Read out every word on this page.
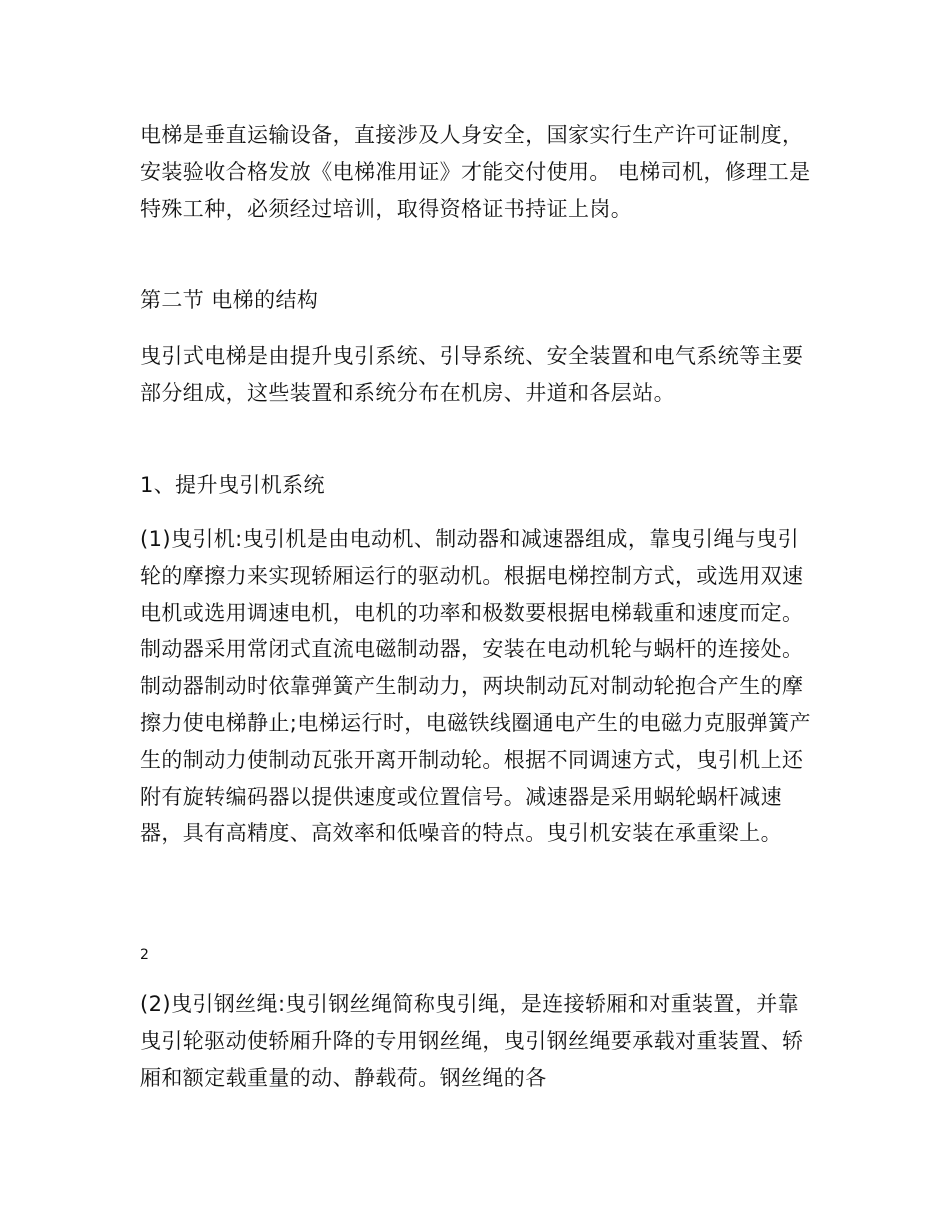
电梯是垂直运输设备，直接涉及人身安全，国家实行生产许可证制度，安装验收合格发放《电梯准用证》才能交付使用。 电梯司机，修理工是特殊工种，必须经过培训，取得资格证书持证上岗。

第二节 电梯的结构

曳引式电梯是由提升曳引系统、引导系统、安全装置和电气系统等主要部分组成，这些装置和系统分布在机房、井道和各层站。

1、提升曳引机系统

(1)曳引机:曳引机是由电动机、制动器和减速器组成，靠曳引绳与曳引轮的摩擦力来实现轿厢运行的驱动机。根据电梯控制方式，或选用双速电机或选用调速电机，电机的功率和极数要根据电梯载重和速度而定。制动器采用常闭式直流电磁制动器，安装在电动机轮与蜗杆的连接处。制动器制动时依靠弹簧产生制动力，两块制动瓦对制动轮抱合产生的摩擦力使电梯静止;电梯运行时，电磁铁线圈通电产生的电磁力克服弹簧产生的制动力使制动瓦张开离开制动轮。根据不同调速方式，曳引机上还附有旋转编码器以提供速度或位置信号。减速器是采用蜗轮蜗杆减速器，具有高精度、高效率和低噪音的特点。曳引机安装在承重梁上。

2

(2)曳引钢丝绳:曳引钢丝绳简称曳引绳，是连接轿厢和对重装置，并靠曳引轮驱动使轿厢升降的专用钢丝绳，曳引钢丝绳要承载对重装置、轿厢和额定载重量的动、静载荷。钢丝绳的各
